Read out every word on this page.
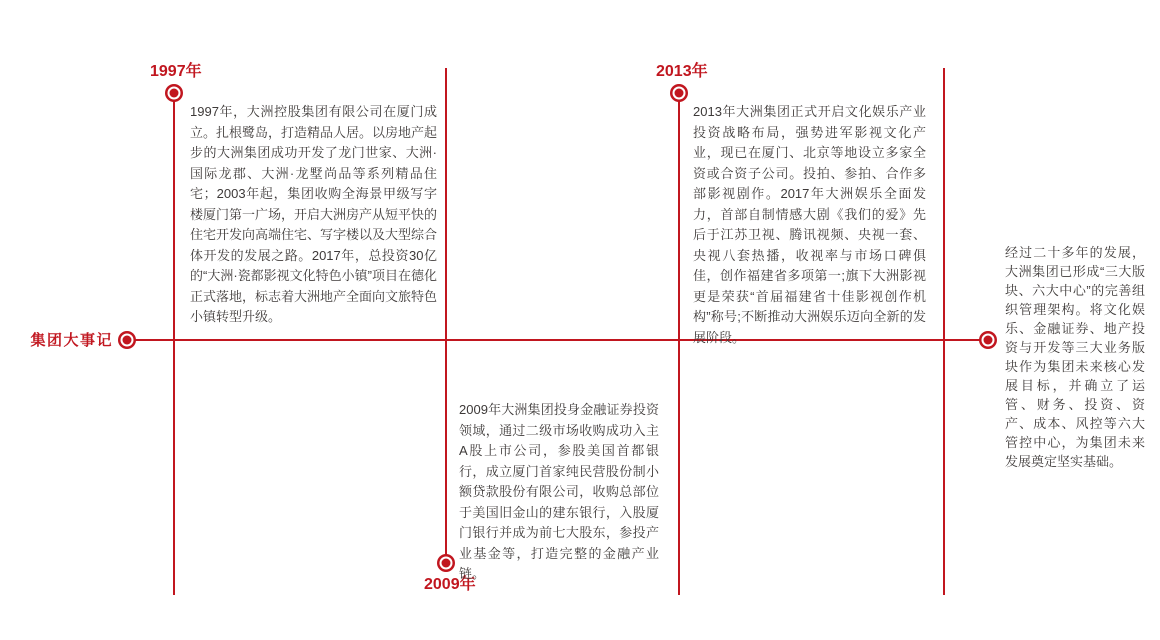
集团大事记
1997年	2013年
2009年
1997年，大洲控股集团有限公司在厦门成立。扎根鹭岛，打造精品人居。以房地产起步的大洲集团成功开发了龙门世家、大洲·国际龙郡、大洲·龙墅尚品等系列精品住宅；2003年起，集团收购全海景甲级写字楼厦门第一广场，开启大洲房产从短平快的住宅开发向高端住宅、写字楼以及大型综合体开发的发展之路。2017年，总投资30亿的“大洲·瓷都影视文化特色小镇”项目在德化正式落地，标志着大洲地产全面向文旅特色小镇转型升级。
2013年大洲集团正式开启文化娱乐产业投资战略布局，强势进军影视文化产业，现已在厦门、北京等地设立多家全资或合资子公司。投拍、参拍、合作多部影视剧作。2017年大洲娱乐全面发力，首部自制情感大剧《我们的爱》先后于江苏卫视、腾讯视频、央视一套、央视八套热播，收视率与市场口碑俱佳，创作福建省多项第一;旗下大洲影视更是荣获“首届福建省十佳影视创作机构”称号;不断推动大洲娱乐迈向全新的发展阶段。
2009年大洲集团投身金融证券投资领域，通过二级市场收购成功入主A股上市公司，参股美国首都银行，成立厦门首家纯民营股份制小额贷款股份有限公司，收购总部位于美国旧金山的建东银行，入股厦门银行并成为前七大股东，参投产业基金等，打造完整的金融产业链。
经过二十多年的发展，大洲集团已形成“三大版块、六大中心”的完善组织管理架构。将文化娱乐、金融证券、地产投资与开发等三大业务版块作为集团未来核心发展目标，并确立了运管、财务、投资、资产、成本、风控等六大管控中心，为集团未来发展奠定坚实基础。
